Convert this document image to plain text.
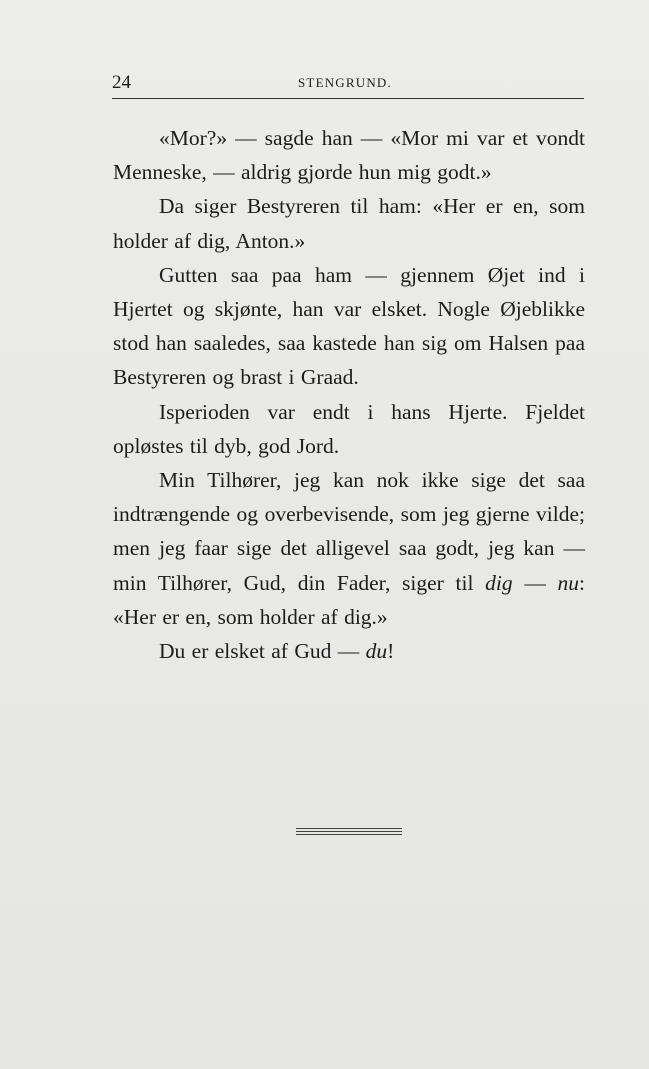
24	STENGRUND.

«Mor?» — sagde han — «Mor mi var et vondt Menneske, — aldrig gjorde hun mig godt.»

Da siger Bestyreren til ham: «Her er en, som holder af dig, Anton.»

Gutten saa paa ham — gjennem Øjet ind i Hjertet og skjønte, han var elsket. Nogle Øjeblikke stod han saaledes, saa kastede han sig om Halsen paa Bestyreren og brast i Graad.

Isperioden var endt i hans Hjerte. Fjeldet opløstes til dyb, god Jord.

Min Tilhører, jeg kan nok ikke sige det saa indtrængende og overbevisende, som jeg gjerne vilde; men jeg faar sige det alligevel saa godt, jeg kan — min Tilhører, Gud, din Fader, siger til dig — nu: «Her er en, som holder af dig.»

Du er elsket af Gud — du!
